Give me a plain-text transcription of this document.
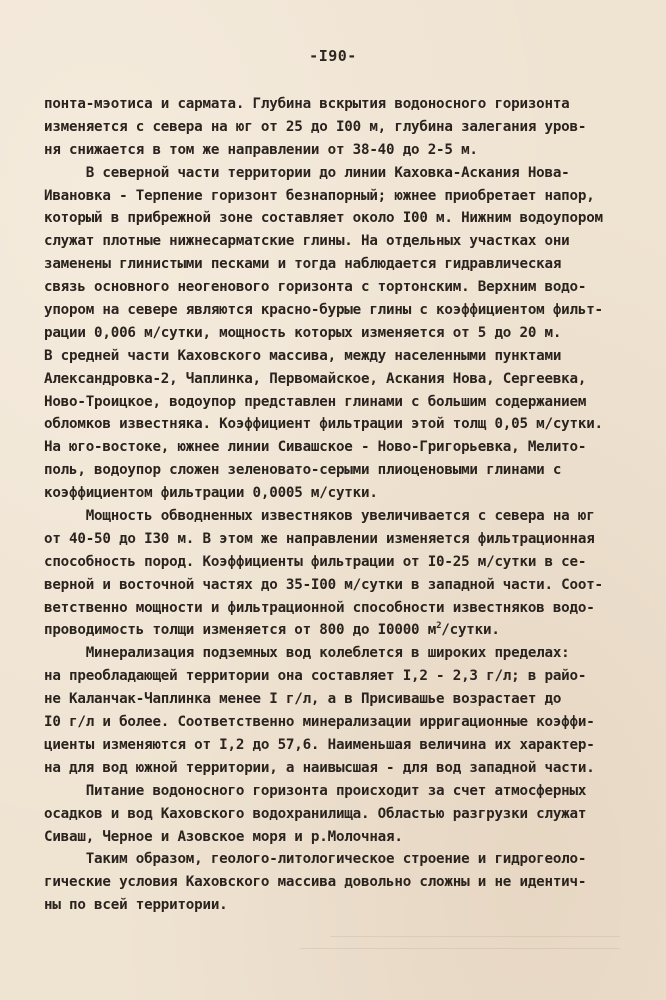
-I90-
понта-мэотиса и сармата. Глубина вскрытия водоносного горизонта
изменяется с севера на юг от 25 до I00 м, глубина залегания уров-
ня снижается в том же направлении от 38-40 до 2-5 м.
В северной части территории до линии Каховка-Аскания Нова-
Ивановка - Терпение горизонт безнапорный; южнее приобретает напор,
который в прибрежной зоне составляет около I00 м. Нижним водоупором
служат плотные нижнесарматские глины. На отдельных участках они
заменены глинистыми песками и тогда наблюдается гидравлическая
связь основного неогенового горизонта с тортонским. Верхним водо-
упором на севере являются красно-бурые глины с коэффициентом фильт-
рации 0,006 м/сутки, мощность которых изменяется от 5 до 20 м.
В средней части Каховского массива, между населенными пунктами
Александровка-2, Чаплинка, Первомайское, Аскания Нова, Сергеевка,
Ново-Троицкое, водоупор представлен глинами с большим содержанием
обломков известняка. Коэффициент фильтрации этой толщ 0,05 м/сутки.
На юго-востоке, южнее линии Сивашское - Ново-Григорьевка, Мелито-
поль, водоупор сложен зеленовато-серыми плиоценовыми глинами с
коэффициентом фильтрации 0,0005 м/сутки.
Мощность обводненных известняков увеличивается с севера на юг
от 40-50 до I30 м. В этом же направлении изменяется фильтрационная
способность пород. Коэффициенты фильтрации от I0-25 м/сутки в се-
верной и восточной частях до 35-I00 м/сутки в западной части. Соот-
ветственно мощности и фильтрационной способности известняков водо-
проводимость толщи изменяется от 800 до I0000 $м^2$/сутки.
Минерализация подземных вод колеблется в широких пределах:
на преобладающей территории она составляет I,2 - 2,3 г/л; в райо-
не Каланчак-Чаплинка менее I г/л, а в Присивашье возрастает до
I0 г/л и более. Соответственно минерализации ирригационные коэффи-
циенты изменяются от I,2 до 57,6. Наименьшая величина их характер-
на для вод южной территории, а наивысшая - для вод западной части.
Питание водоносного горизонта происходит за счет атмосферных
осадков и вод Каховского водохранилища. Областью разгрузки служат
Сиваш, Черное и Азовское моря и р.Молочная.
Таким образом, геолого-литологическое строение и гидрогеоло-
гические условия Каховского массива довольно сложны и не идентич-
ны по всей территории.
